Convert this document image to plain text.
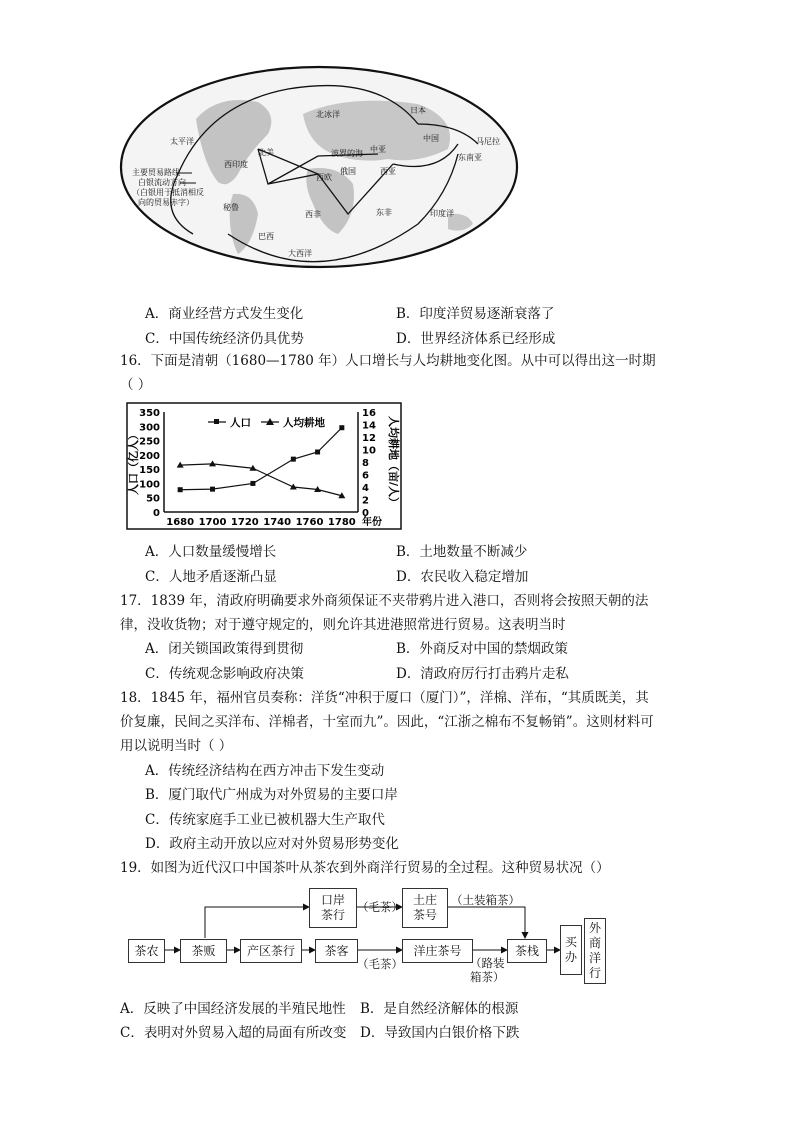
太平洋
北冰洋
北美	波罗的海 中亚
中国
日本
西印度
西欧
俄国	西亚
东南亚
马尼拉
西非	东非	印度洋
巴西
大西洋
秘鲁
主要贸易路线
白银流动方向
（白银用于抵消相反
向的贸易赤字）
A．商业经营方式发生变化	B．印度洋贸易逐渐衰落了
C．中国传统经济仍具优势	D．世界经济体系已经形成
16．下面是清朝（1680—1780 年）人口增长与人均耕地变化图。从中可以得出这一时期
（ ）
0
50
100
150
200
250
300
350
0
2
4
6
8
10
12
14
16
1680 1700 1720 1740 1760 1780 年份
人口（亿人）	人均耕地（亩/人）
人口	人均耕地
A．人口数量缓慢增长	B．土地数量不断减少
C．人地矛盾逐渐凸显	D．农民收入稳定增加
17．1839 年，清政府明确要求外商须保证不夹带鸦片进入港口，否则将会按照天朝的法
律，没收货物；对于遵守规定的，则允许其进港照常进行贸易。这表明当时
A．闭关锁国政策得到贯彻	B．外商反对中国的禁烟政策
C．传统观念影响政府决策	D．清政府厉行打击鸦片走私
18．1845 年，福州官员奏称：洋货“冲积于厦口（厦门）”，洋棉、洋布，“其质既美，其
价复廉，民间之买洋布、洋棉者，十室而九”。因此，“江浙之棉布不复畅销”。这则材料可
用以说明当时（ ）
A．传统经济结构在西方冲击下发生变动
B．厦门取代广州成为对外贸易的主要口岸
C．传统家庭手工业已被机器大生产取代
D．政府主动开放以应对对外贸易形势变化
19．如图为近代汉口中国茶叶从茶农到外商洋行贸易的全过程。这种贸易状况（）
茶农	茶贩	产区茶行	茶客
口岸
茶行
土庄
茶号
洋庄茶号	茶栈
买
办
外
商
洋
行
（毛茶）	（土装箱茶）
（毛茶）	（路装
箱茶）
A．反映了中国经济发展的半殖民地性 B．是自然经济解体的根源
C．表明对外贸易入超的局面有所改变 D．导致国内白银价格下跌
